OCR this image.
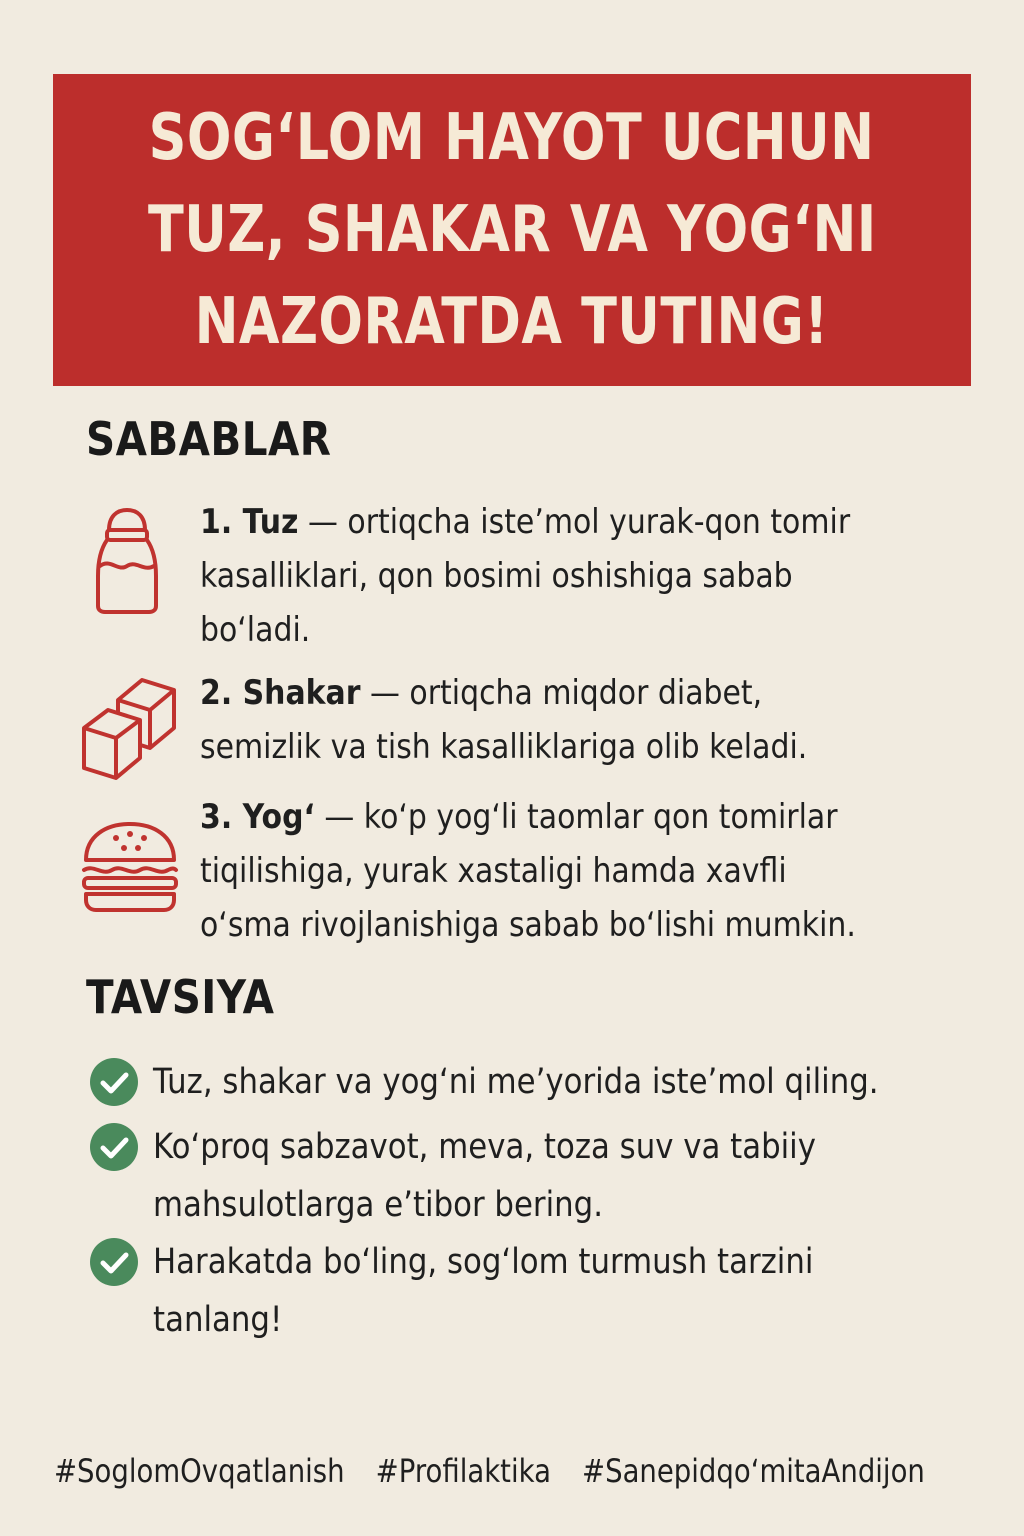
SOG‘LOM HAYOT UCHUN
TUZ, SHAKAR VA YOG‘NI
NAZORATDA TUTING!
SABABLAR
1. Tuz — ortiqcha iste’mol yurak-qon tomir
kasalliklari, qon bosimi oshishiga sabab
bo‘ladi.
2. Shakar — ortiqcha miqdor diabet,
semizlik va tish kasalliklariga olib keladi.
3. Yog‘ — ko‘p yog‘li taomlar qon tomirlar
tiqilishiga, yurak xastaligi hamda xavfli
o‘sma rivojlanishiga sabab bo‘lishi mumkin.
TAVSIYA
Tuz, shakar va yog‘ni me’yorida iste’mol qiling.
Ko‘proq sabzavot, meva, toza suv va tabiiy
mahsulotlarga e’tibor bering.
Harakatda bo‘ling, sog‘lom turmush tarzini
tanlang!
#SoglomOvqatlanish #Profilaktika #Sanepidqo‘mitaAndijon
